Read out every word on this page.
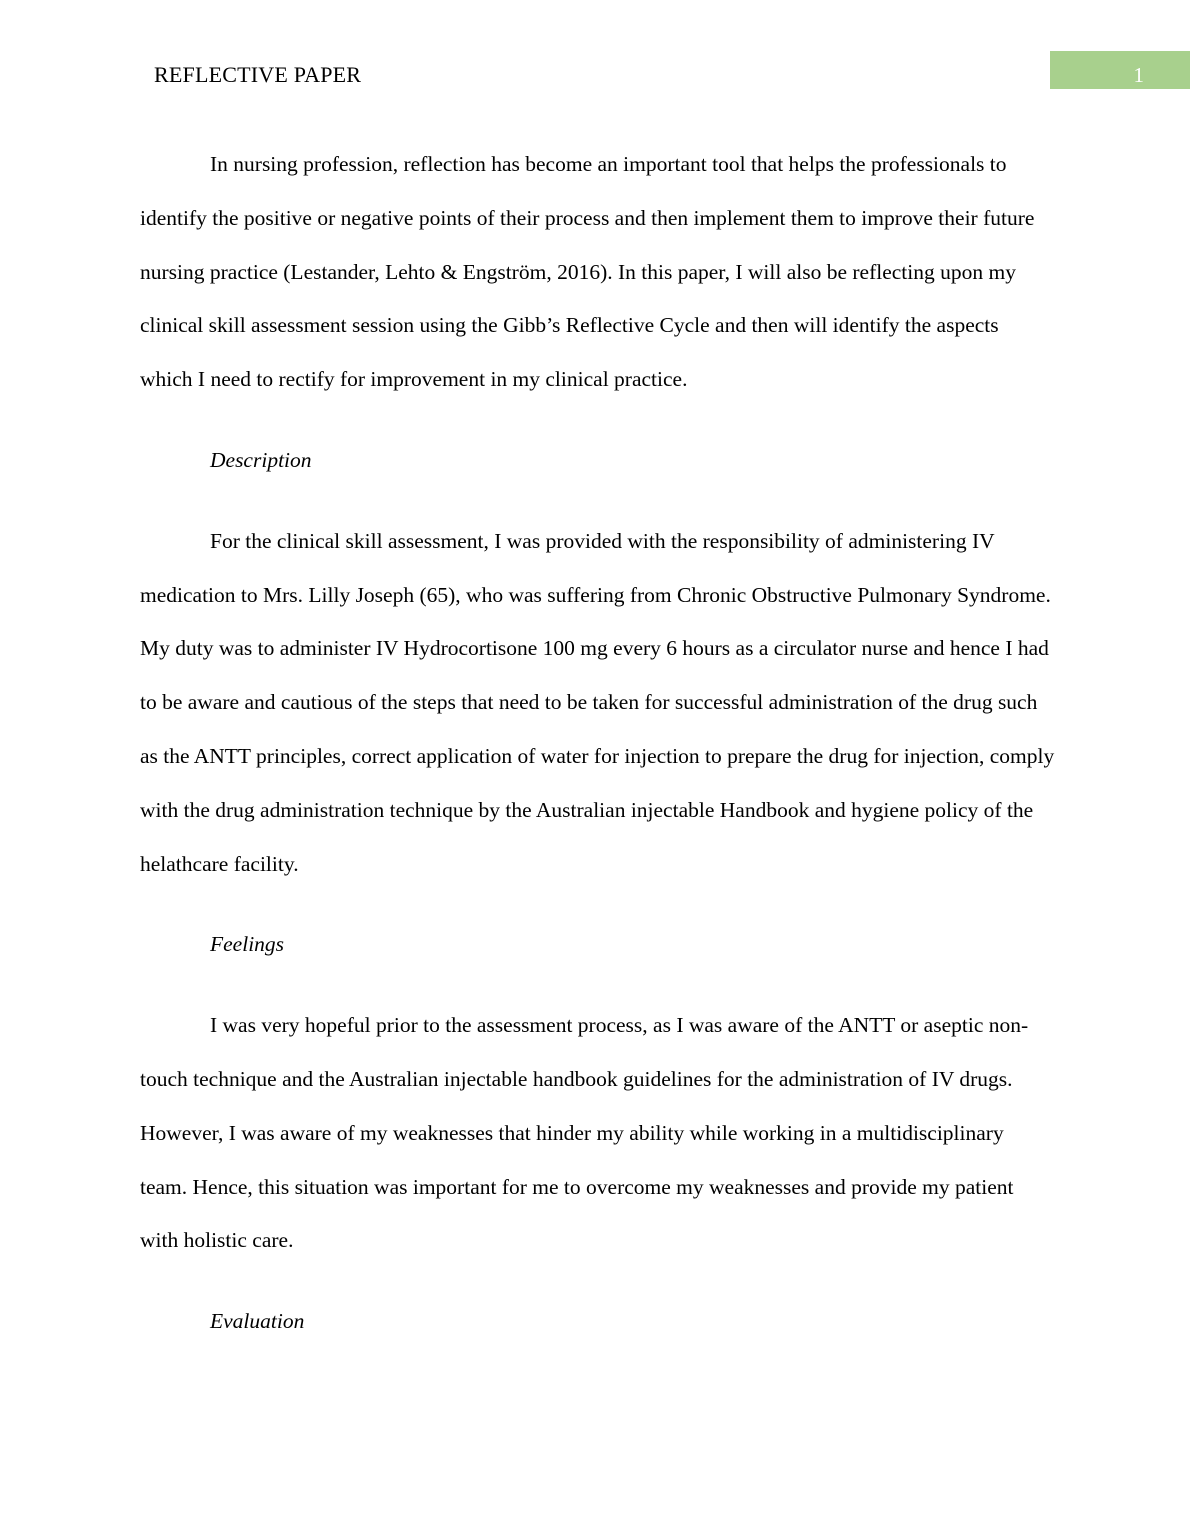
REFLECTIVE PAPER	1

In nursing profession, reflection has become an important tool that helps the professionals to identify the positive or negative points of their process and then implement them to improve their future nursing practice (Lestander, Lehto & Engström, 2016). In this paper, I will also be reflecting upon my clinical skill assessment session using the Gibb’s Reflective Cycle and then will identify the aspects which I need to rectify for improvement in my clinical practice.

Description

For the clinical skill assessment, I was provided with the responsibility of administering IV medication to Mrs. Lilly Joseph (65), who was suffering from Chronic Obstructive Pulmonary Syndrome. My duty was to administer IV Hydrocortisone 100 mg every 6 hours as a circulator nurse and hence I had to be aware and cautious of the steps that need to be taken for successful administration of the drug such as the ANTT principles, correct application of water for injection to prepare the drug for injection, comply with the drug administration technique by the Australian injectable Handbook and hygiene policy of the helathcare facility.

Feelings

I was very hopeful prior to the assessment process, as I was aware of the ANTT or aseptic non-touch technique and the Australian injectable handbook guidelines for the administration of IV drugs. However, I was aware of my weaknesses that hinder my ability while working in a multidisciplinary team. Hence, this situation was important for me to overcome my weaknesses and provide my patient with holistic care.

Evaluation
